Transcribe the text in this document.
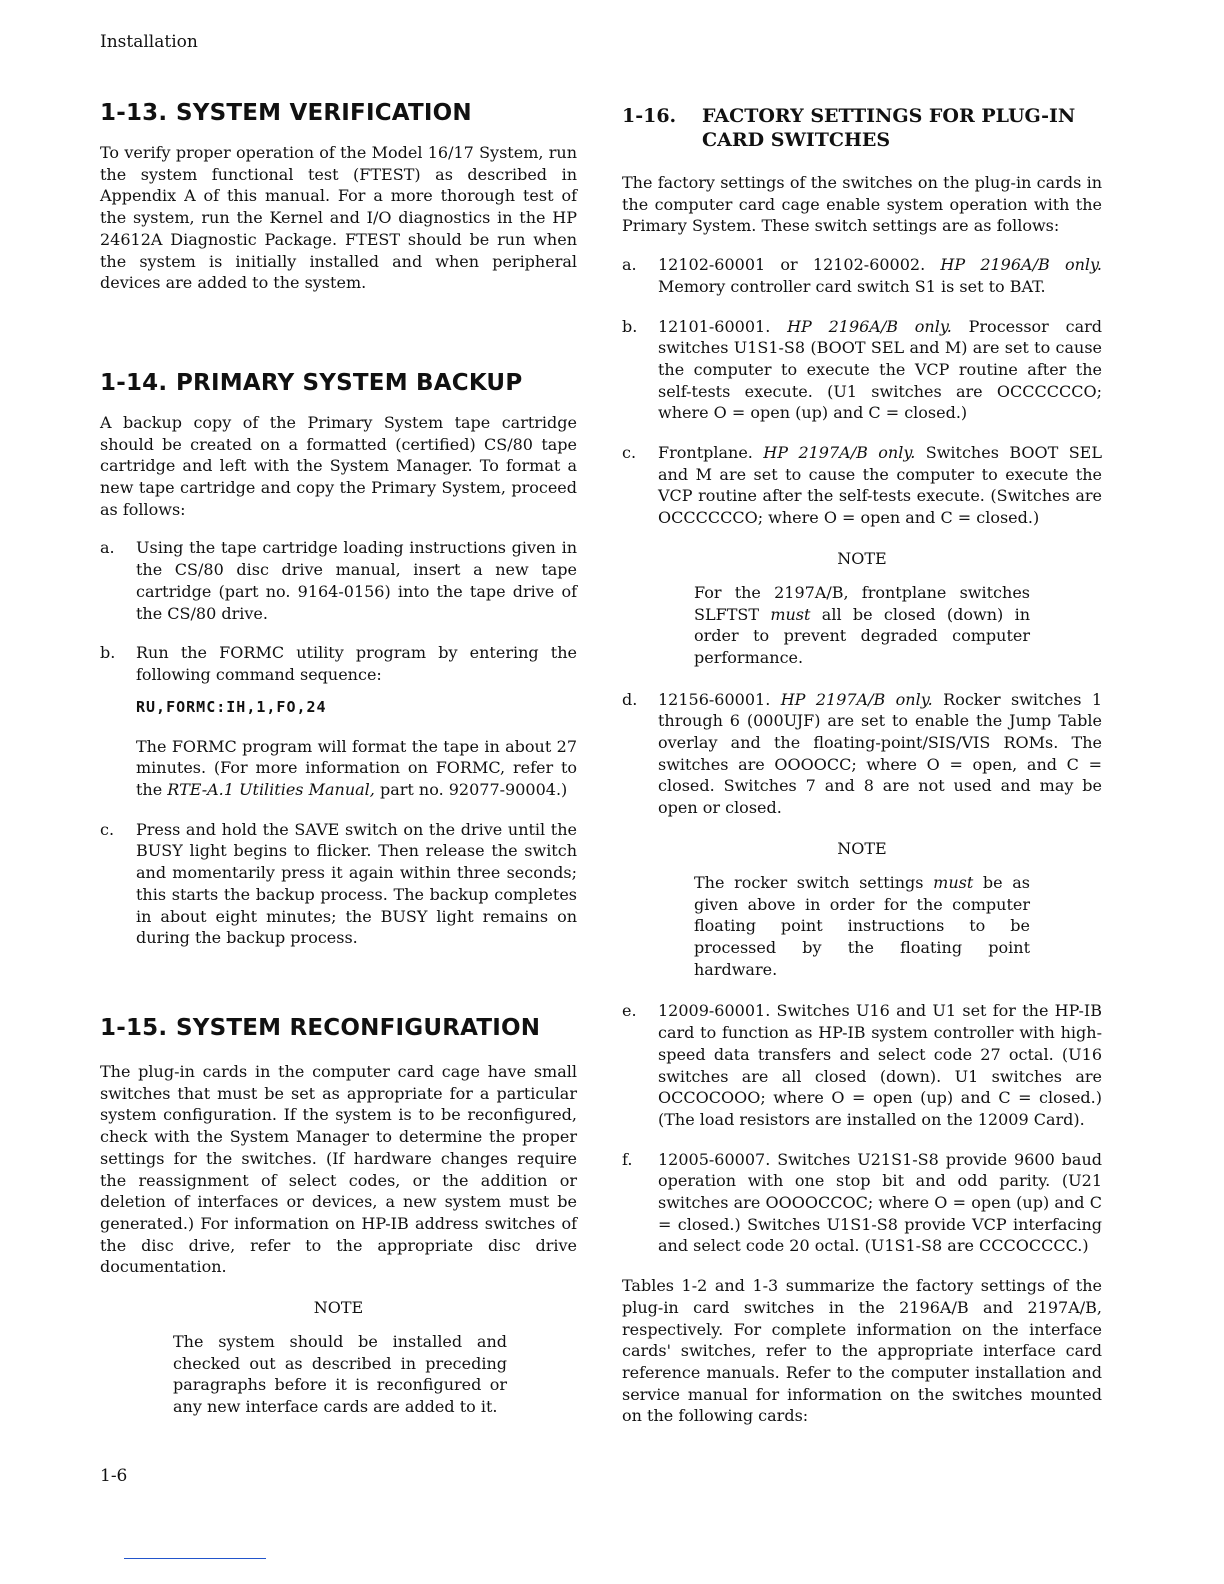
Installation
1-13. SYSTEM VERIFICATION

To verify proper operation of the Model 16/17 System, run the system functional test (FTEST) as described in Appendix A of this manual. For a more thorough test of the system, run the Kernel and I/O diagnostics in the HP 24612A Diagnostic Package. FTEST should be run when the system is initially installed and when peripheral devices are added to the system.

1-14. PRIMARY SYSTEM BACKUP

A backup copy of the Primary System tape cartridge should be created on a formatted (certified) CS/80 tape cartridge and left with the System Manager. To format a new tape cartridge and copy the Primary System, proceed as follows:

a.	Using the tape cartridge loading instructions given in the CS/80 disc drive manual, insert a new tape cartridge (part no. 9164-0156) into the tape drive of the CS/80 drive.

b.	Run the FORMC utility program by entering the following command sequence:

RU,FORMC:IH,1,FO,24

The FORMC program will format the tape in about 27 minutes. (For more information on FORMC, refer to the RTE-A.1 Utilities Manual, part no. 92077-90004.)

c.	Press and hold the SAVE switch on the drive until the BUSY light begins to flicker. Then release the switch and momentarily press it again within three seconds; this starts the backup process. The backup completes in about eight minutes; the BUSY light remains on during the backup process.

1-15. SYSTEM RECONFIGURATION

The plug-in cards in the computer card cage have small switches that must be set as appropriate for a particular system configuration. If the system is to be reconfigured, check with the System Manager to determine the proper settings for the switches. (If hardware changes require the reassignment of select codes, or the addition or deletion of interfaces or devices, a new system must be generated.) For information on HP-IB address switches of the disc drive, refer to the appropriate disc drive documentation.

NOTE

The system should be installed and checked out as described in preceding paragraphs before it is reconfigured or any new interface cards are added to it.

1-16.	FACTORY SETTINGS FOR PLUG-IN CARD SWITCHES

The factory settings of the switches on the plug-in cards in the computer card cage enable system operation with the Primary System. These switch settings are as follows:

a.	12102-60001 or 12102-60002. HP 2196A/B only. Memory controller card switch S1 is set to BAT.

b.	12101-60001. HP 2196A/B only. Processor card switches U1S1-S8 (BOOT SEL and M) are set to cause the computer to execute the VCP routine after the self-tests execute. (U1 switches are OCCCCCCO; where O = open (up) and C = closed.)

c.	Frontplane. HP 2197A/B only. Switches BOOT SEL and M are set to cause the computer to execute the VCP routine after the self-tests execute. (Switches are OCCCCCCO; where O = open and C = closed.)

NOTE

For the 2197A/B, frontplane switches SLFTST must all be closed (down) in order to prevent degraded computer performance.

d.	12156-60001. HP 2197A/B only. Rocker switches 1 through 6 (000UJF) are set to enable the Jump Table overlay and the floating-point/SIS/VIS ROMs. The switches are OOOOCC; where O = open, and C = closed. Switches 7 and 8 are not used and may be open or closed.

NOTE

The rocker switch settings must be as given above in order for the computer floating point instructions to be processed by the floating point hardware.

e.	12009-60001. Switches U16 and U1 set for the HP-IB card to function as HP-IB system controller with high-speed data transfers and select code 27 octal. (U16 switches are all closed (down). U1 switches are OCCOCOOO; where O = open (up) and C = closed.) (The load resistors are installed on the 12009 Card).

f.	12005-60007. Switches U21S1-S8 provide 9600 baud operation with one stop bit and odd parity. (U21 switches are OOOOCCOC; where O = open (up) and C = closed.) Switches U1S1-S8 provide VCP interfacing and select code 20 octal. (U1S1-S8 are CCCOCCCC.)

Tables 1-2 and 1-3 summarize the factory settings of the plug-in card switches in the 2196A/B and 2197A/B, respectively. For complete information on the interface cards' switches, refer to the appropriate interface card reference manuals. Refer to the computer installation and service manual for information on the switches mounted on the following cards:

1-6
